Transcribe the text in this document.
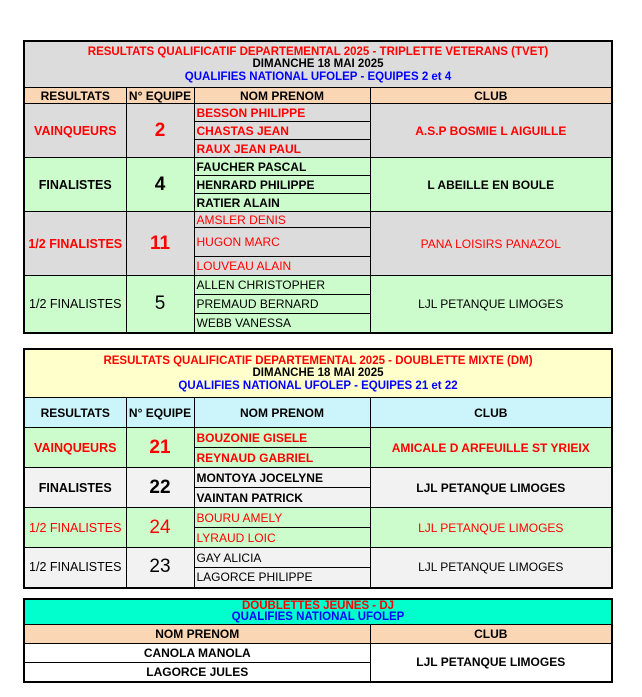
RESULTATS QUALIFICATIF DEPARTEMENTAL 2025 - TRIPLETTE VETERANS (TVET)
DIMANCHE 18 MAI 2025
QUALIFIES NATIONAL UFOLEP - EQUIPES 2 et 4			

RESULTATS	N° EQUIPE	NOM PRENOM	CLUB
VAINQUEURS	2	BESSON PHILIPPE	A.S.P BOSMIE L AIGUILLE
		CHASTAS JEAN	
		RAUX JEAN PAUL	
FINALISTES	4	FAUCHER PASCAL	L ABEILLE EN BOULE
		HENRARD PHILIPPE	
		RATIER ALAIN	
1/2 FINALISTES	11	AMSLER DENIS	PANA LOISIRS PANAZOL
		HUGON MARC	
		LOUVEAU ALAIN	
1/2 FINALISTES	5	ALLEN CHRISTOPHER	LJL PETANQUE LIMOGES
		PREMAUD BERNARD	
		WEBB VANESSA	
RESULTATS QUALIFICATIF DEPARTEMENTAL 2025 - DOUBLETTE MIXTE (DM)
DIMANCHE 18 MAI 2025
QUALIFIES NATIONAL UFOLEP - EQUIPES 21 et 22			

RESULTATS	N° EQUIPE	NOM PRENOM	CLUB
VAINQUEURS	21	BOUZONIE GISELE	AMICALE D ARFEUILLE ST YRIEIX
		REYNAUD GABRIEL	
FINALISTES	22	MONTOYA JOCELYNE	LJL PETANQUE LIMOGES
		VAINTAN PATRICK	
1/2 FINALISTES	24	BOURU AMELY	LJL PETANQUE LIMOGES
		LYRAUD LOIC	
1/2 FINALISTES	23	GAY ALICIA	LJL PETANQUE LIMOGES
		LAGORCE PHILIPPE	
DOUBLETTES JEUNES - DJ
QUALIFIES NATIONAL UFOLEP	

NOM PRENOM	CLUB
CANOLA MANOLA	LJL PETANQUE LIMOGES
LAGORCE JULES	
